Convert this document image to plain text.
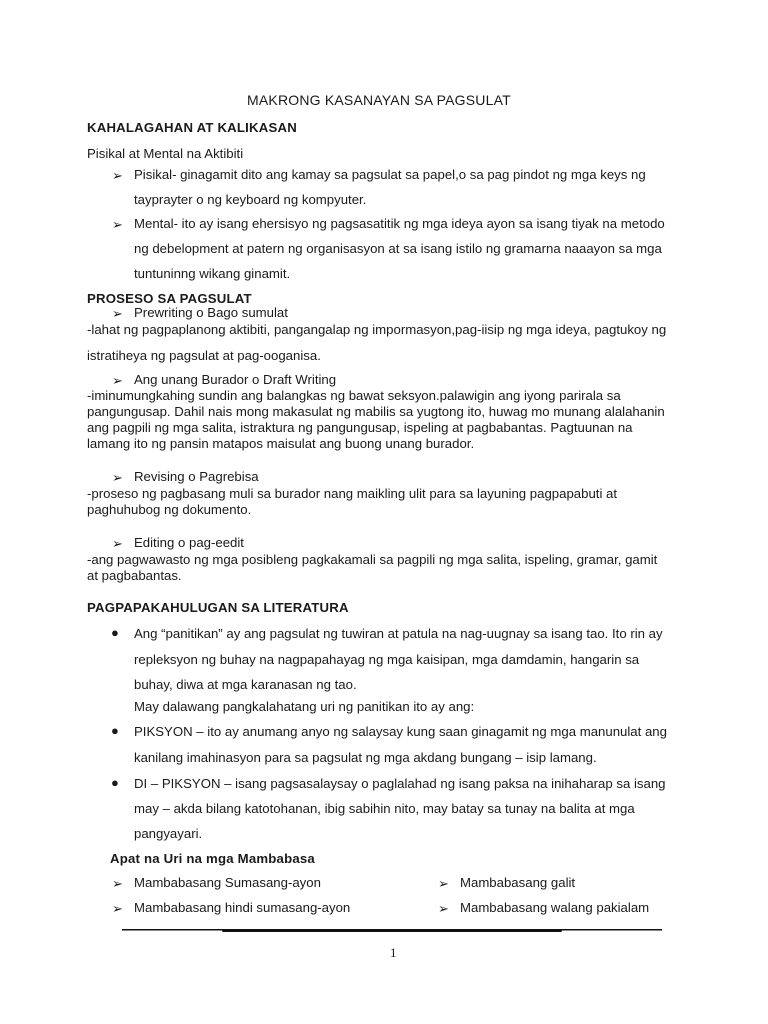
MAKRONG KASANAYAN SA PAGSULAT
KAHALAGAHAN AT KALIKASAN
Pisikal at Mental na Aktibiti
➢ Pisikal- ginagamit dito ang kamay sa pagsulat sa papel,o sa pag pindot ng mga keys ng
tayprayter o ng keyboard ng kompyuter.
➢ Mental- ito ay isang ehersisyo ng pagsasatitik ng mga ideya ayon sa isang tiyak na metodo
ng debelopment at patern ng organisasyon at sa isang istilo ng gramarna naaayon sa mga
tuntuninng wikang ginamit.
PROSESO SA PAGSULAT
➢ Prewriting o Bago sumulat
-lahat ng pagpaplanong aktibiti, pangangalap ng impormasyon,pag-iisip ng mga ideya, pagtukoy ng
istratiheya ng pagsulat at pag-ooganisa.
➢ Ang unang Burador o Draft Writing
-iminumungkahing sundin ang balangkas ng bawat seksyon.palawigin ang iyong parirala sa
pangungusap. Dahil nais mong makasulat ng mabilis sa yugtong ito, huwag mo munang alalahanin
ang pagpili ng mga salita, istraktura ng pangungusap, ispeling at pagbabantas. Pagtuunan na
lamang ito ng pansin matapos maisulat ang buong unang burador.
➢ Revising o Pagrebisa
-proseso ng pagbasang muli sa burador nang maikling ulit para sa layuning pagpapabuti at
paghuhubog ng dokumento.
➢ Editing o pag-eedit
-ang pagwawasto ng mga posibleng pagkakamali sa pagpili ng mga salita, ispeling, gramar, gamit
at pagbabantas.
PAGPAPAKAHULUGAN SA LITERATURA
● Ang “panitikan” ay ang pagsulat ng tuwiran at patula na nag-uugnay sa isang tao. Ito rin ay
repleksyon ng buhay na nagpapahayag ng mga kaisipan, mga damdamin, hangarin sa
buhay, diwa at mga karanasan ng tao.
May dalawang pangkalahatang uri ng panitikan ito ay ang:
● PIKSYON – ito ay anumang anyo ng salaysay kung saan ginagamit ng mga manunulat ang
kanilang imahinasyon para sa pagsulat ng mga akdang bungang – isip lamang.
● DI – PIKSYON – isang pagsasalaysay o paglalahad ng isang paksa na inihaharap sa isang
may – akda bilang katotohanan, ibig sabihin nito, may batay sa tunay na balita at mga
pangyayari.
Apat na Uri na mga Mambabasa
➢ Mambabasang Sumasang-ayon	➢ Mambabasang galit
➢ Mambabasang hindi sumasang-ayon	➢ Mambabasang walang pakialam
1
